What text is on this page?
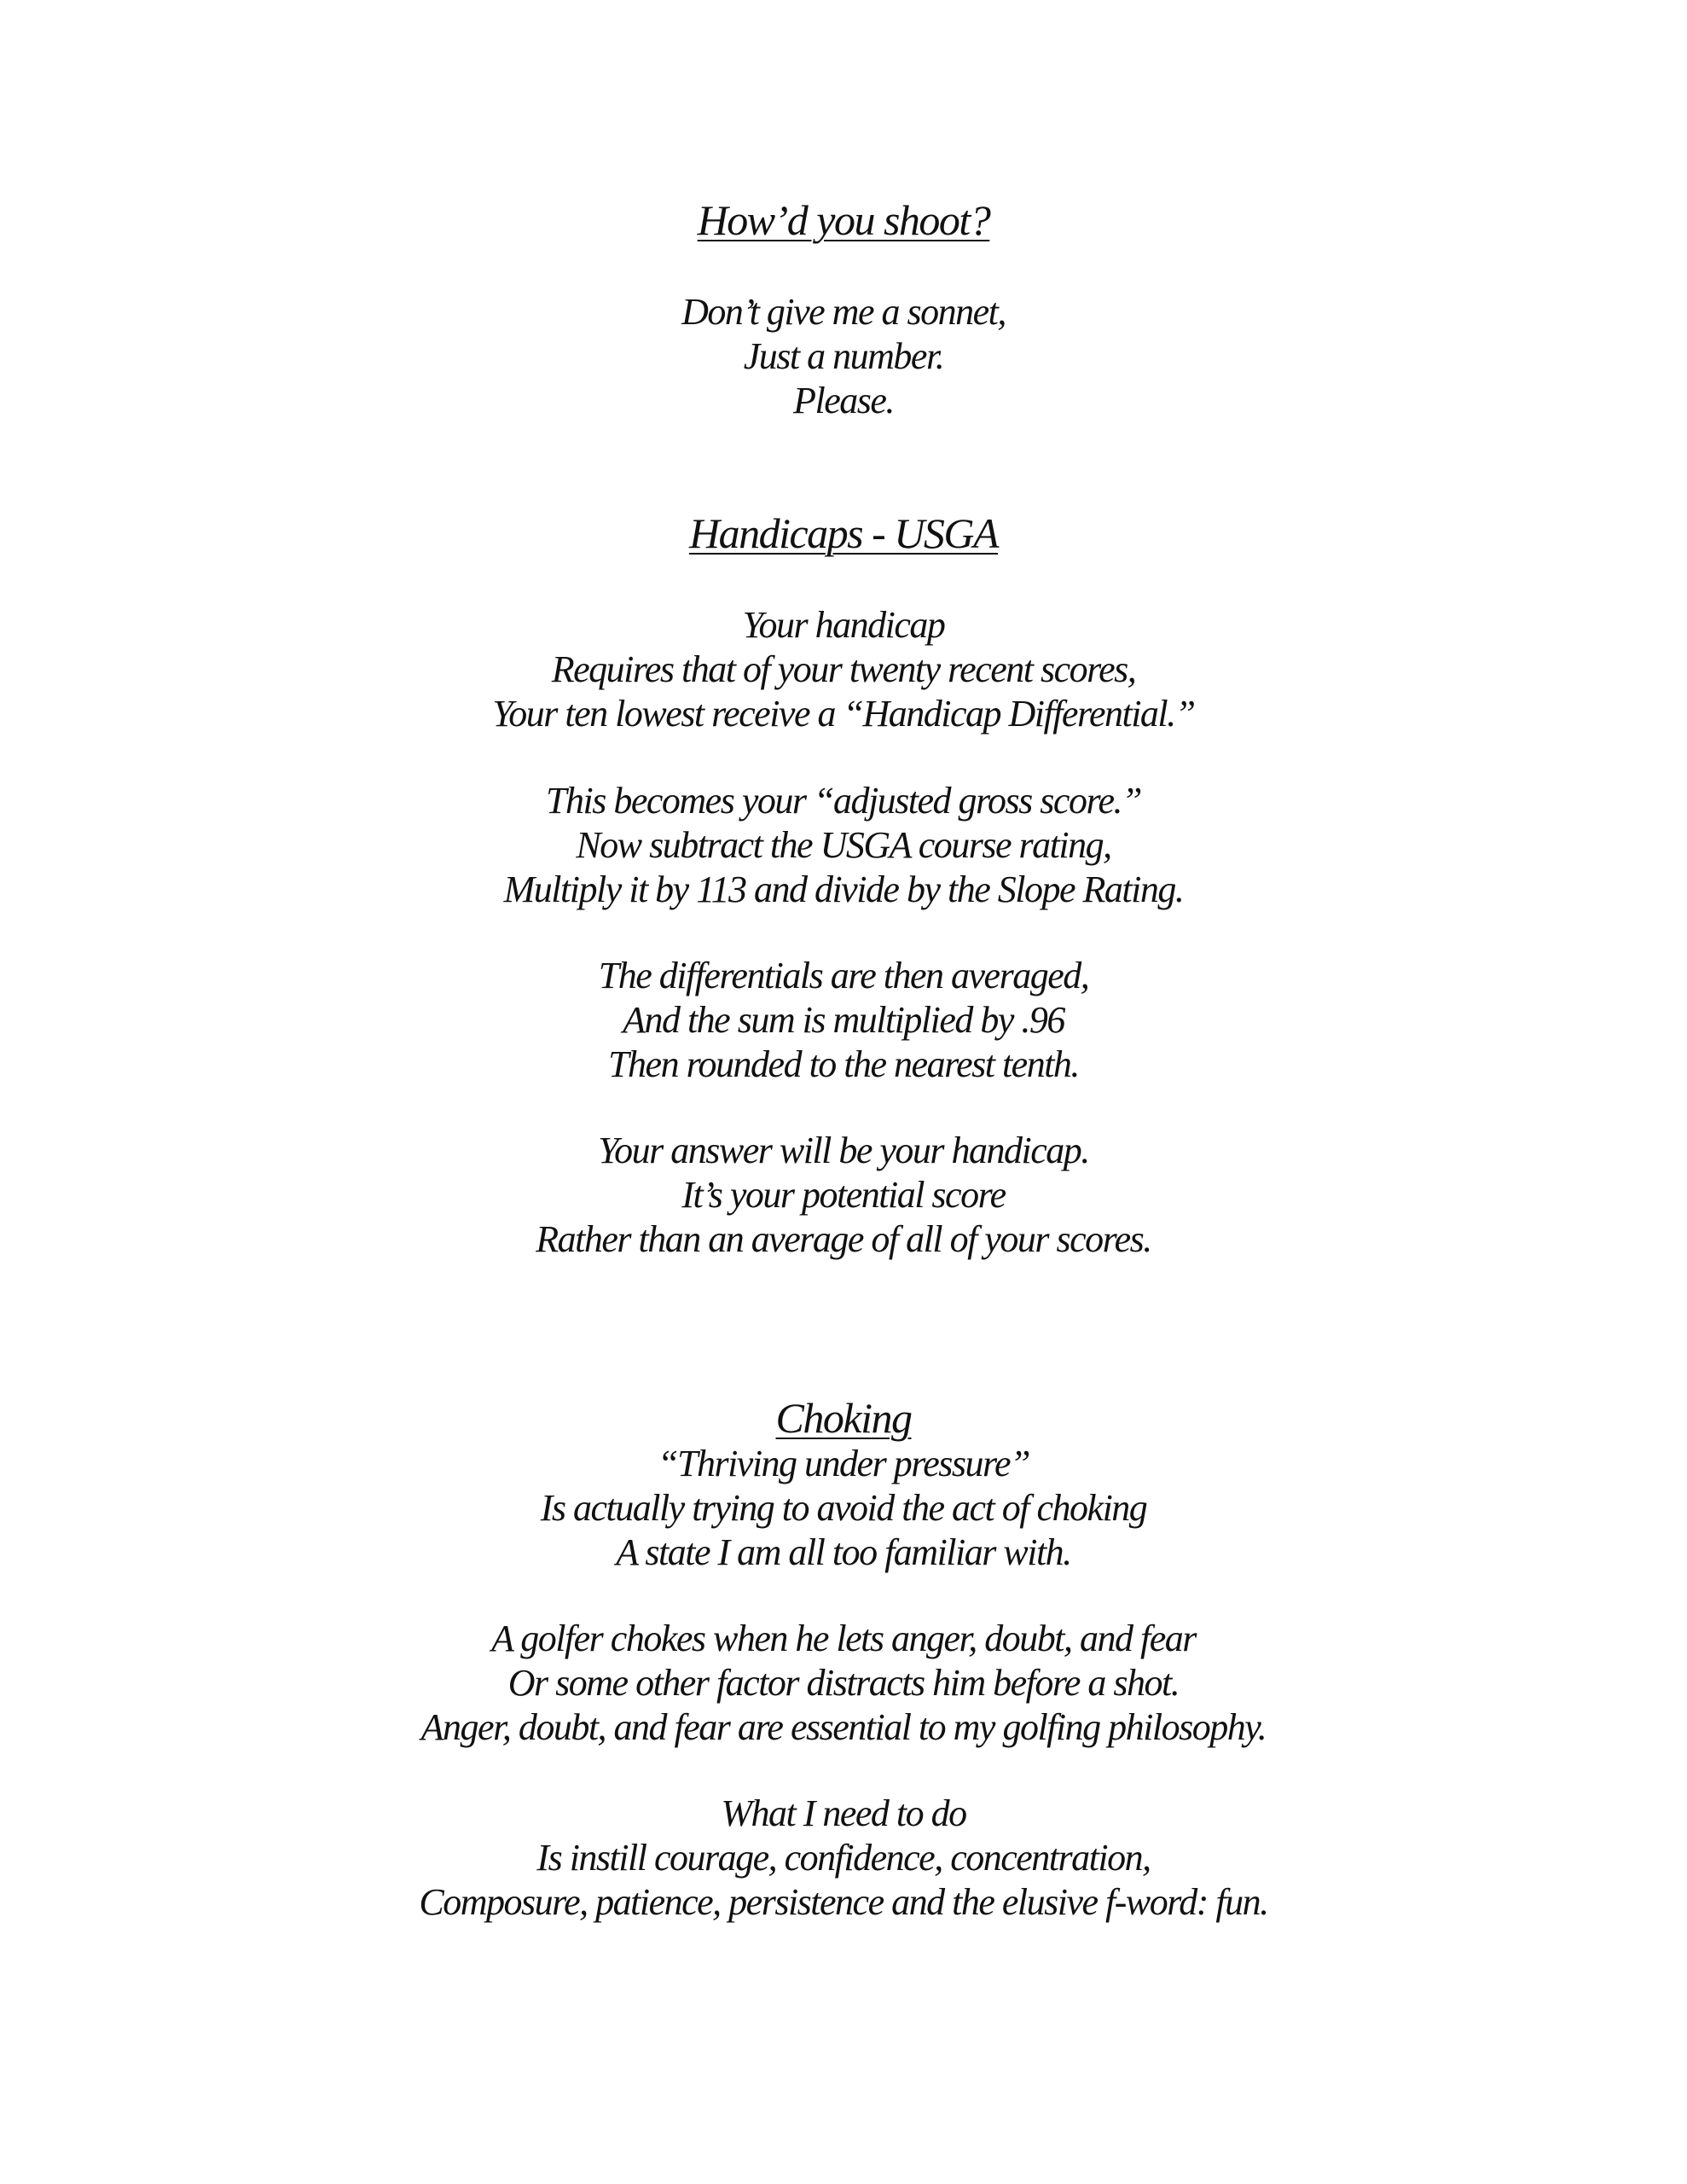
How’d you shoot?
Don’t give me a sonnet,
Just a number.
Please.
Handicaps - USGA
Your handicap
Requires that of your twenty recent scores,
Your ten lowest receive a “Handicap Differential.”
This becomes your “adjusted gross score.”
Now subtract the USGA course rating,
Multiply it by 113 and divide by the Slope Rating.
The differentials are then averaged,
And the sum is multiplied by .96
Then rounded to the nearest tenth.
Your answer will be your handicap.
It’s your potential score
Rather than an average of all of your scores.
Choking
“Thriving under pressure”
Is actually trying to avoid the act of choking
A state I am all too familiar with.
A golfer chokes when he lets anger, doubt, and fear
Or some other factor distracts him before a shot.
Anger, doubt, and fear are essential to my golfing philosophy.
What I need to do
Is instill courage, confidence, concentration,
Composure, patience, persistence and the elusive f-word: fun.
